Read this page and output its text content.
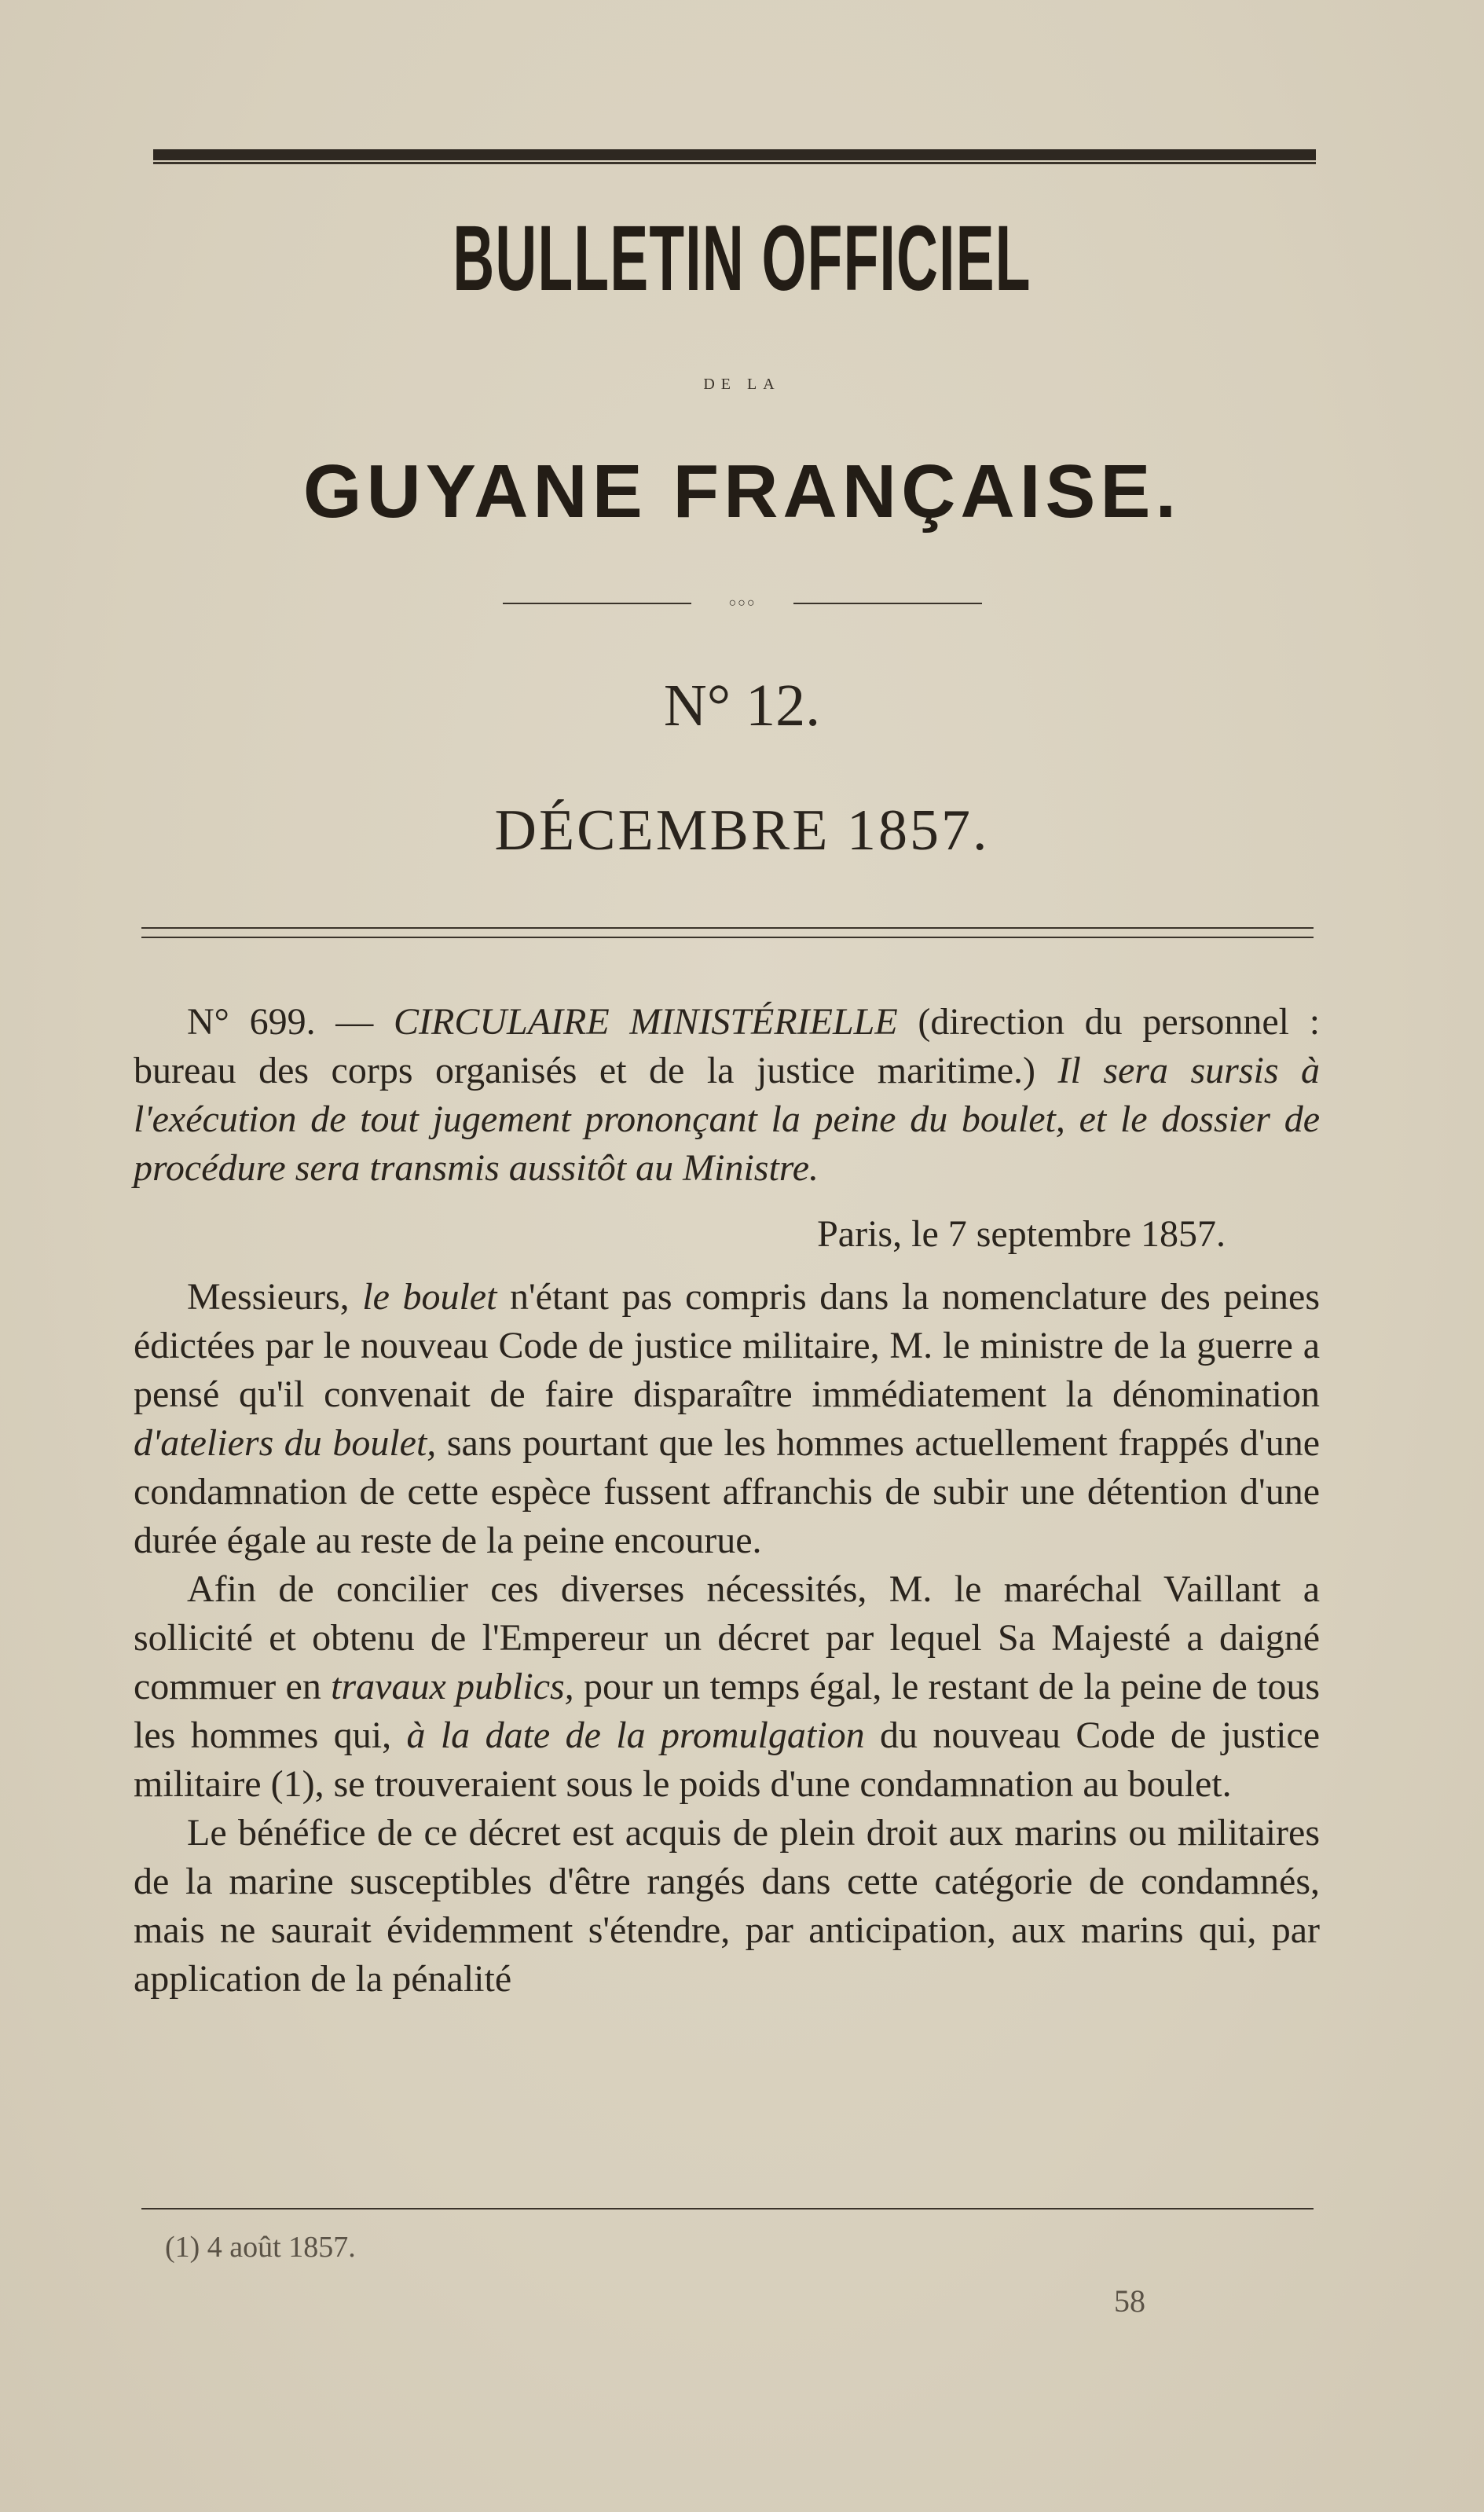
BULLETIN OFFICIEL
DE LA
GUYANE FRANÇAISE.
○○○
N° 12.
DÉCEMBRE 1857.

N° 699. — CIRCULAIRE MINISTÉRIELLE (direction du personnel : bureau des corps organisés et de la justice maritime.) Il sera sursis à l'exécution de tout jugement prononçant la peine du boulet, et le dossier de procédure sera transmis aussitôt au Ministre.

Paris, le 7 septembre 1857.

Messieurs, le boulet n'étant pas compris dans la nomenclature des peines édictées par le nouveau Code de justice militaire, M. le ministre de la guerre a pensé qu'il convenait de faire disparaître immédiatement la dénomination d'ateliers du boulet, sans pourtant que les hommes actuellement frappés d'une condamnation de cette espèce fussent affranchis de subir une détention d'une durée égale au reste de la peine encourue.

Afin de concilier ces diverses nécessités, M. le maréchal Vaillant a sollicité et obtenu de l'Empereur un décret par lequel Sa Majesté a daigné commuer en travaux publics, pour un temps égal, le restant de la peine de tous les hommes qui, à la date de la promulgation du nouveau Code de justice militaire (1), se trouveraient sous le poids d'une condamnation au boulet.

Le bénéfice de ce décret est acquis de plein droit aux marins ou militaires de la marine susceptibles d'être rangés dans cette catégorie de condamnés, mais ne saurait évidemment s'étendre, par anticipation, aux marins qui, par application de la pénalité

(1) 4 août 1857.
58
